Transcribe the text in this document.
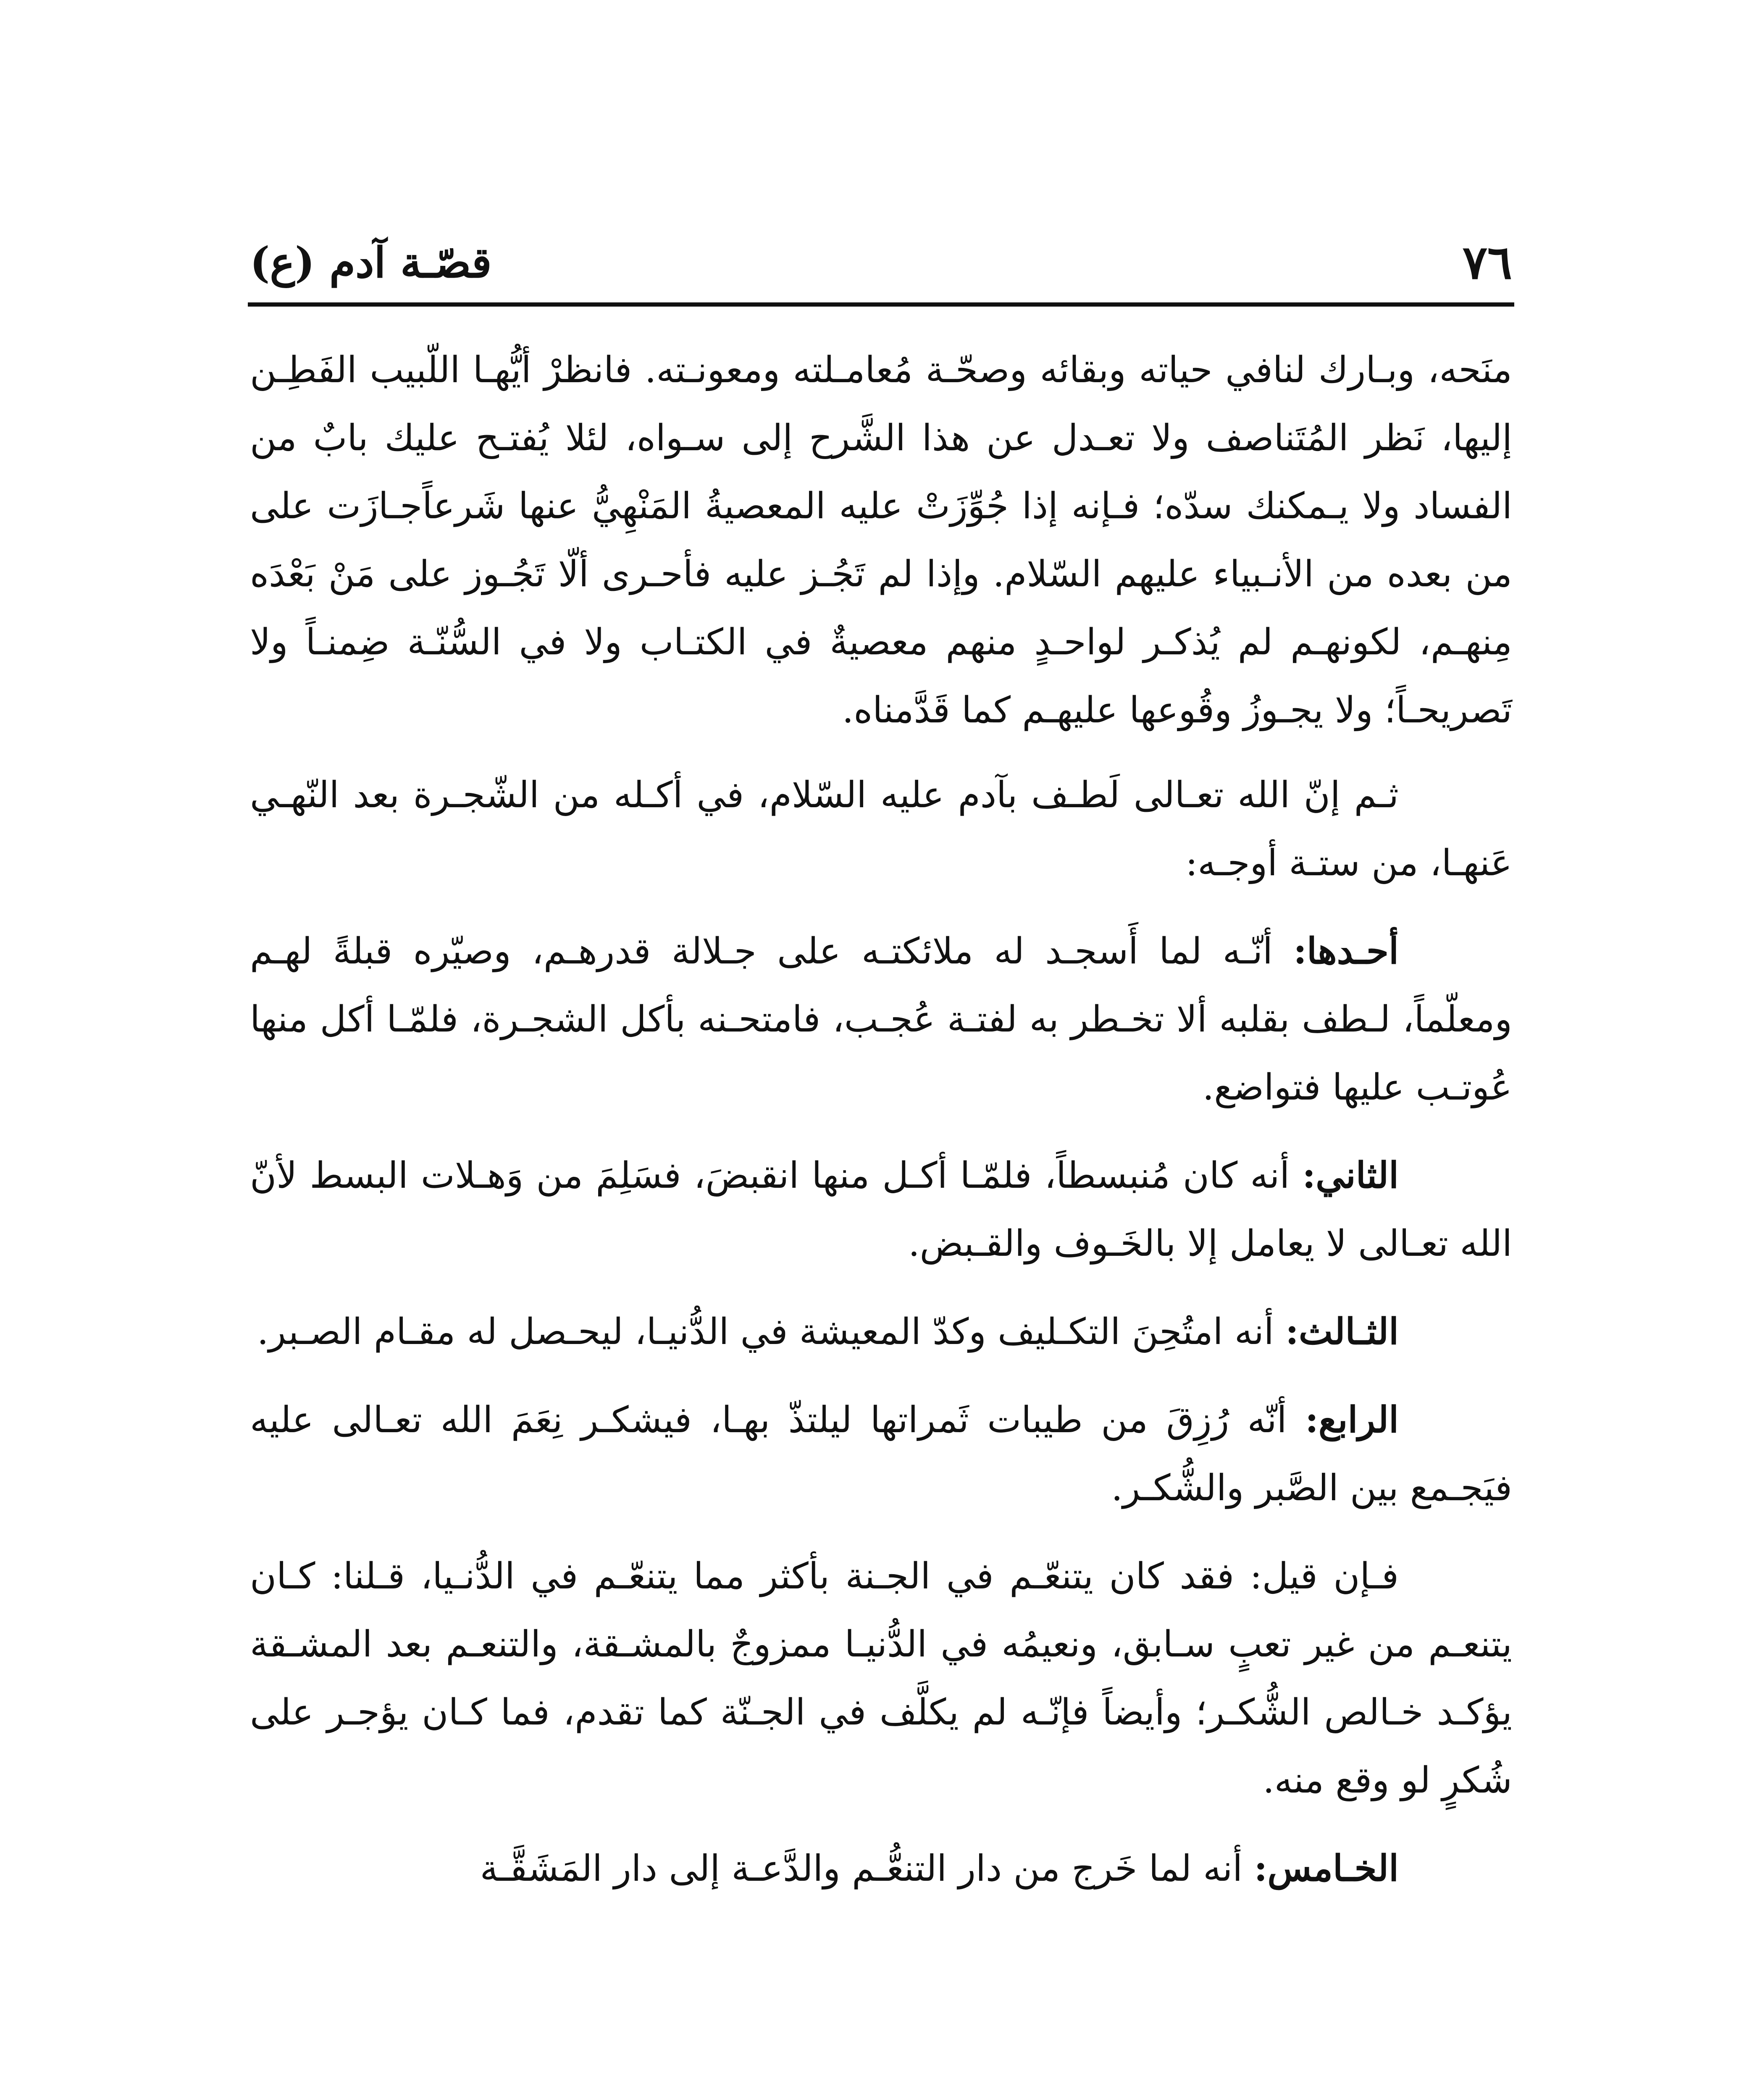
٧٦
قصّـة آدم (ع)

منَحه، وبـارك لنافي حياته وبقائه وصحّـة مُعامـلته ومعونـته. فانظرْ أيُّهـا اللّبيب الفَطِـن إليها، نَظر المُتَناصف ولا تعـدل عن هذا الشَّرح إلى سـواه، لئلا يُفتـح عليك بابٌ من الفساد ولا يـمكنك سدّه؛ فـإنه إذا جُوِّزَتْ عليه المعصيةُ المَنْهِيُّ عنها شَرعاًجـازَت على من بعده من الأنـبياء عليهم السّلام. وإذا لم تَجُـز عليه فأحـرى ألّا تَجُـوز على مَنْ بَعْدَه مِنهـم، لكونهـم لم يُذكـر لواحـدٍ منهم معصيةٌ في الكتـاب ولا في السُّنّـة ضِمنـاً ولا تَصريحـاً؛ ولا يجـوزُ وقُوعها عليهـم كما قَدَّمناه.

ثـم إنّ الله تعـالى لَطـف بآدم عليه السّلام، في أكـله من الشّجـرة بعد النّهـي عَنهـا، من ستـة أوجـه:

أحـدها: أنّـه لما أَسجـد له ملائكتـه على جـلالة قدرهـم، وصيّره قبلةً لهـم ومعلّماً، لـطف بقلبه ألا تخـطر به لفتـة عُجـب، فامتحـنه بأكل الشجـرة، فلمّـا أكل منها عُوتـب عليها فتواضع.

الثاني: أنه كان مُنبسطاً، فلمّـا أكـل منها انقبضَ، فسَلِمَ من وَهـلات البسط لأنّ الله تعـالى لا يعامل إلا بالخَـوف والقـبض.

الثـالث: أنه امتُحِنَ التكـليف وكدّ المعيشة في الدُّنيـا، ليحـصل له مقـام الصـبر.

الرابع: أنّه رُزِقَ من طيبات ثَمراتها ليلتذّ بهـا، فيشكـر نِعَمَ الله تعـالى عليه فيَجـمع بين الصَّبر والشُّكـر.

فـإن قيل: فقد كان يتنعّـم في الجـنة بأكثر مما يتنعّـم في الدُّنـيا، قـلنا: كـان يتنعـم من غير تعبٍ سـابق، ونعيمُه في الدُّنيـا ممزوجٌ بالمشـقة، والتنعـم بعد المشـقة يؤكـد خـالص الشُّكـر؛ وأيضاً فإنّـه لم يكلَّف في الجـنّة كما تقدم، فما كـان يؤجـر على شُكرٍ لو وقع منه.

الخـامس: أنه لما خَرج من دار التنعُّـم والدَّعـة إلى دار المَشَقَّـة
